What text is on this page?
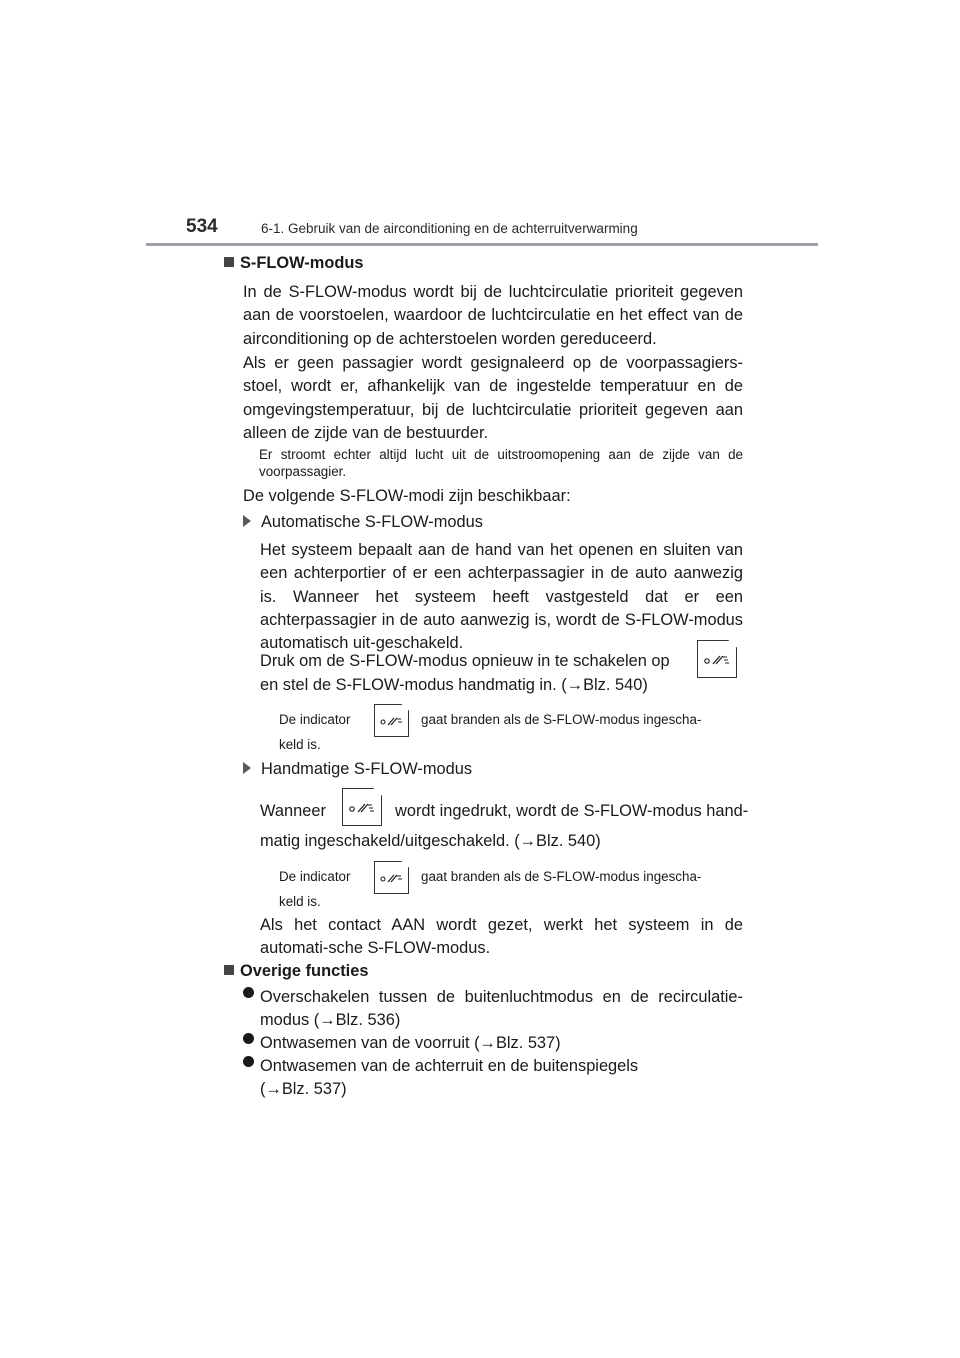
534	6-1. Gebruik van de airconditioning en de achterruitverwarming
S-FLOW-modus
In de S-FLOW-modus wordt bij de luchtcirculatie prioriteit gegeven aan de voorstoelen, waardoor de luchtcirculatie en het effect van de airconditioning op de achterstoelen worden gereduceerd.
Als er geen passagier wordt gesignaleerd op de voorpassagiers-stoel, wordt er, afhankelijk van de ingestelde temperatuur en de omgevingstemperatuur, bij de luchtcirculatie prioriteit gegeven aan alleen de zijde van de bestuurder.
Er stroomt echter altijd lucht uit de uitstroomopening aan de zijde van de voorpassagier.
De volgende S-FLOW-modi zijn beschikbaar:
Automatische S-FLOW-modus
Het systeem bepaalt aan de hand van het openen en sluiten van een achterportier of er een achterpassagier in de auto aanwezig is. Wanneer het systeem heeft vastgesteld dat er een achterpassagier in de auto aanwezig is, wordt de S-FLOW-modus automatisch uit-geschakeld.
Druk om de S-FLOW-modus opnieuw in te schakelen op
en stel de S-FLOW-modus handmatig in. (→Blz. 540)
De indicator	gaat branden als de S-FLOW-modus ingescha-
keld is.
Handmatige S-FLOW-modus
Wanneer	wordt ingedrukt, wordt de S-FLOW-modus hand-
matig ingeschakeld/uitgeschakeld. (→Blz. 540)
De indicator	gaat branden als de S-FLOW-modus ingescha-
keld is.
Als het contact AAN wordt gezet, werkt het systeem in de automati-sche S-FLOW-modus.
Overige functies
Overschakelen tussen de buitenluchtmodus en de recirculatie-modus (→Blz. 536)
Ontwasemen van de voorruit (→Blz. 537)
Ontwasemen van de achterruit en de buitenspiegels (→Blz. 537)
